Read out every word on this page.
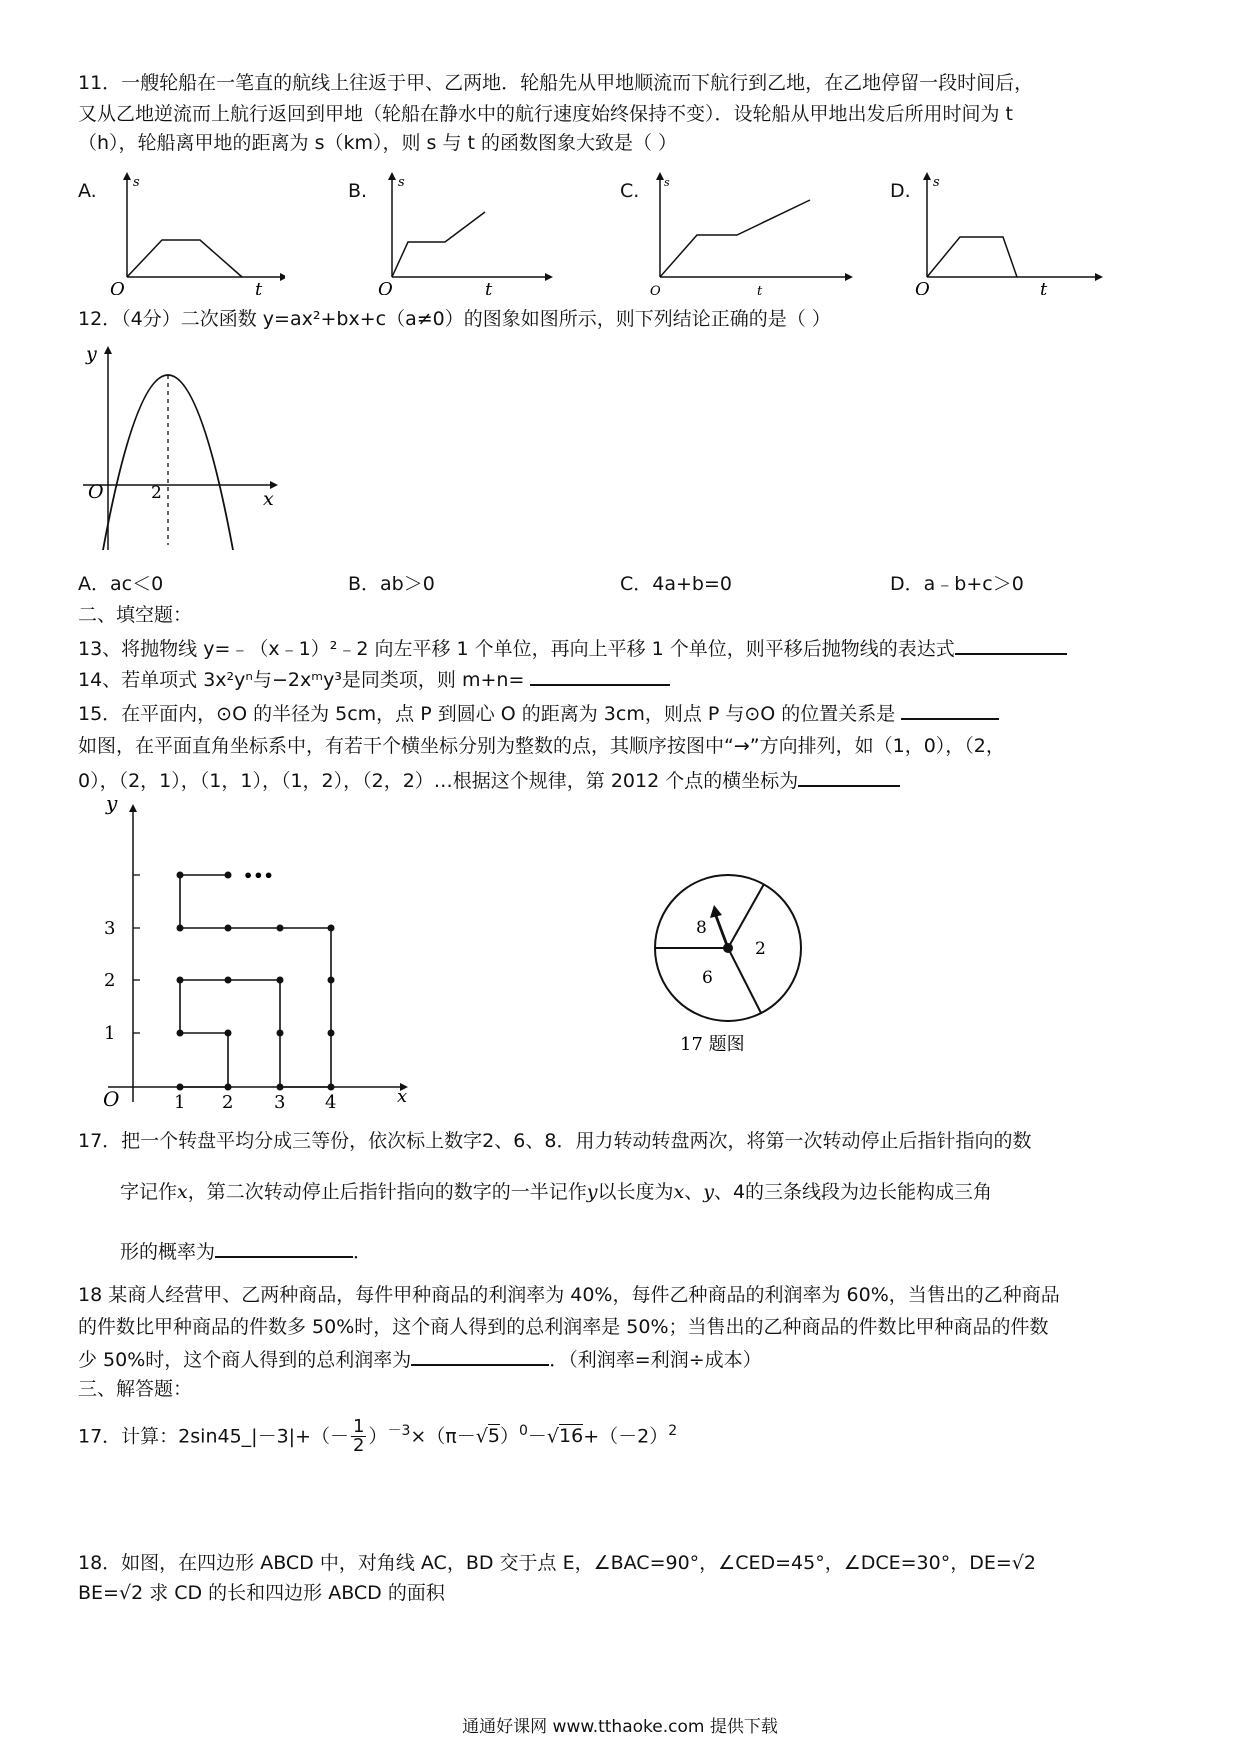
11．一艘轮船在一笔直的航线上往返于甲、乙两地．轮船先从甲地顺流而下航行到乙地，在乙地停留一段时间后，
又从乙地逆流而上航行返回到甲地（轮船在静水中的航行速度始终保持不变）．设轮船从甲地出发后所用时间为 t
（h），轮船离甲地的距离为 s（km），则 s 与 t 的函数图象大致是（ ）
A.	B.	C.	D.
O	t
s
O	t
s
O	t
s
O	t
s
12．（4分）二次函数 y=ax²+bx+c（a≠0）的图象如图所示，则下列结论正确的是（ ）
O	2	x
y
A．ac＜0	B．ab＞0	C．4a+b=0	D．a﹣b+c＞0
二、填空题：
13、将抛物线 y=﹣（x﹣1）²﹣2 向左平移 1 个单位，再向上平移 1 个单位，则平移后抛物线的表达式
14、若单项式 3x²yⁿ与−2xᵐy³是同类项，则 m+n=
15．在平面内，⊙O 的半径为 5cm，点 P 到圆心 O 的距离为 3cm，则点 P 与⊙O 的位置关系是
如图，在平面直角坐标系中，有若干个横坐标分别为整数的点，其顺序按图中“→”方向排列，如（1，0），（2，
0），（2，1），（1，1），（1，2），（2，2）…根据这个规律，第 2012 个点的横坐标为
•••
O	1 2 3 4	x
1
2
3
y
8
2
6
17 题图
17．把一个转盘平均分成三等份，依次标上数字2、6、8．用力转动转盘两次，将第一次转动停止后指针指向的数
字记作x，第二次转动停止后指针指向的数字的一半记作y以长度为x、y、4的三条线段为边长能构成三角
形的概率为	．
18 某商人经营甲、乙两种商品，每件甲种商品的利润率为 40%，每件乙种商品的利润率为 60%，当售出的乙种商品
的件数比甲种商品的件数多 50%时，这个商人得到的总利润率是 50%；当售出的乙种商品的件数比甲种商品的件数
少 50%时，这个商人得到的总利润率为	．（利润率=利润÷成本）
三、解答题：
17．计算：2sin45_|－3|+（－ $\frac{1}{2} )^{-3}\times(\pi-√5)^0-√16+(-2)^2$
18．如图，在四边形 ABCD 中，对角线 AC，BD 交于点 E，∠BAC=90°，∠CED=45°，∠DCE=30°，DE=√2
BE=√2 求 CD 的长和四边形 ABCD 的面积
通通好课网 www.tthaoke.com 提供下载
